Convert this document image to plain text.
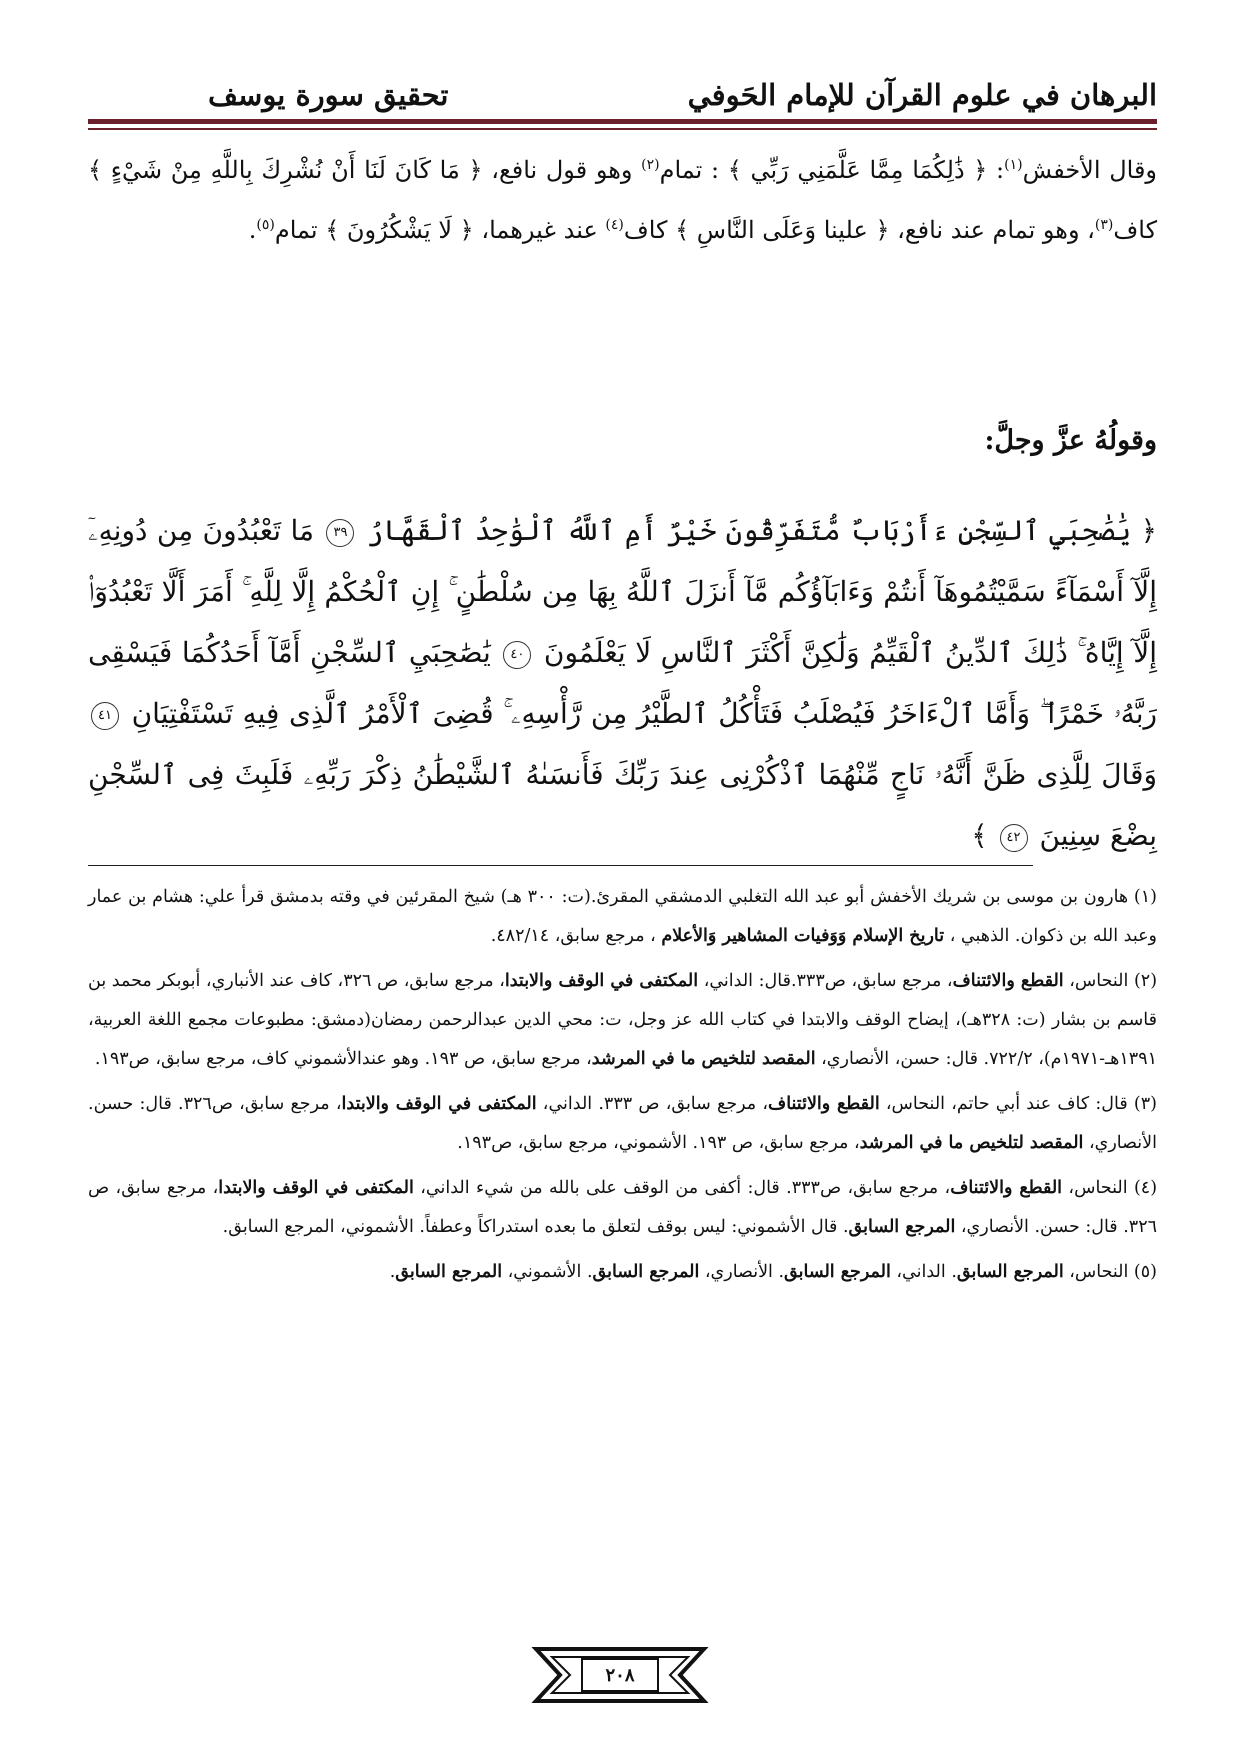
البرهان في علوم القرآن للإمام الحَوفي
تحقيق سورة يوسف

وقال الأخفش$^{(١)}$: ﴿ ذَٰلِكُمَا مِمَّا عَلَّمَنِي رَبِّي ﴾ : تمام$^{(٢)}$ وهو قول نافع، ﴿ مَا كَانَ لَنَا أَنْ نُشْرِكَ بِاللَّهِ مِنْ شَيْءٍ ﴾ كاف$^{(٣)}$، وهو تمام عند نافع، ﴿ علينا وَعَلَى النَّاسِ ﴾ كاف$^{(٤)}$ عند غيرهما، ﴿ لَا يَشْكُرُونَ ﴾ تمام$^{(٥)}$.

وقولُهُ عزَّ وجلَّ:
﴿ يَٰصَٰحِبَيِ ٱلسِّجْنِ ءَأَرْبَابٌ مُّتَفَرِّقُونَ خَيْرٌ أَمِ ٱللَّهُ ٱلْوَٰحِدُ ٱلْقَهَّارُ ٣٩ مَا تَعْبُدُونَ مِن دُونِهِۦٓ إِلَّآ أَسْمَآءً سَمَّيْتُمُوهَآ أَنتُمْ وَءَابَآؤُكُم مَّآ أَنزَلَ ٱللَّهُ بِهَا مِن سُلْطَٰنٍ ۚ إِنِ ٱلْحُكْمُ إِلَّا لِلَّهِ ۚ أَمَرَ أَلَّا تَعْبُدُوٓا۟ إِلَّآ إِيَّاهُ ۚ ذَٰلِكَ ٱلدِّينُ ٱلْقَيِّمُ وَلَٰكِنَّ أَكْثَرَ ٱلنَّاسِ لَا يَعْلَمُونَ ٤٠ يَٰصَٰحِبَيِ ٱلسِّجْنِ أَمَّآ أَحَدُكُمَا فَيَسْقِى رَبَّهُۥ خَمْرًا ۖ وَأَمَّا ٱلْءَاخَرُ فَيُصْلَبُ فَتَأْكُلُ ٱلطَّيْرُ مِن رَّأْسِهِۦ ۚ قُضِىَ ٱلْأَمْرُ ٱلَّذِى فِيهِ تَسْتَفْتِيَانِ ٤١ وَقَالَ لِلَّذِى ظَنَّ أَنَّهُۥ نَاجٍ مِّنْهُمَا ٱذْكُرْنِى عِندَ رَبِّكَ فَأَنسَىٰهُ ٱلشَّيْطَٰنُ ذِكْرَ رَبِّهِۦ فَلَبِثَ فِى ٱلسِّجْنِ بِضْعَ سِنِينَ ٤٢ ﴾

(١) هارون بن موسى بن شريك الأخفش أبو عبد الله التغلبي الدمشقي المقرئ.(ت: ٣٠٠ هـ) شيخ المقرئين في وقته بدمشق قرأ علي: هشام بن عمار وعبد الله بن ذكوان. الذهبي ، تاريخ الإسلام وَوَفيات المشاهير وَالأعلام ، مرجع سابق، ٤٨٢/١٤.

(٢) النحاس، القطع والائتناف، مرجع سابق، ص٣٣٣.قال: الداني، المكتفى في الوقف والابتدا، مرجع سابق، ص ٣٢٦، كاف عند الأنباري، أبوبكر محمد بن قاسم بن بشار (ت: ٣٢٨هـ)، إيضاح الوقف والابتدا في كتاب الله عز وجل، ت: محي الدين عبدالرحمن رمضان(دمشق: مطبوعات مجمع اللغة العربية، ١٣٩١هـ-١٩٧١م)، ٧٢٢/٢. قال: حسن، الأنصاري، المقصد لتلخيص ما في المرشد، مرجع سابق، ص ١٩٣. وهو عندالأشموني كاف، مرجع سابق، ص١٩٣.

(٣) قال: كاف عند أبي حاتم، النحاس، القطع والائتناف، مرجع سابق، ص ٣٣٣. الداني، المكتفى في الوقف والابتدا، مرجع سابق، ص٣٢٦. قال: حسن. الأنصاري، المقصد لتلخيص ما في المرشد، مرجع سابق، ص ١٩٣. الأشموني، مرجع سابق، ص١٩٣.

(٤) النحاس، القطع والائتناف، مرجع سابق، ص٣٣٣. قال: أكفى من الوقف على بالله من شيء الداني، المكتفى في الوقف والابتدا، مرجع سابق، ص ٣٢٦. قال: حسن. الأنصاري، المرجع السابق. قال الأشموني: ليس بوقف لتعلق ما بعده استدراكاً وعطفاً. الأشموني، المرجع السابق.

(٥) النحاس، المرجع السابق. الداني، المرجع السابق. الأنصاري، المرجع السابق. الأشموني، المرجع السابق.

٢٠٨
